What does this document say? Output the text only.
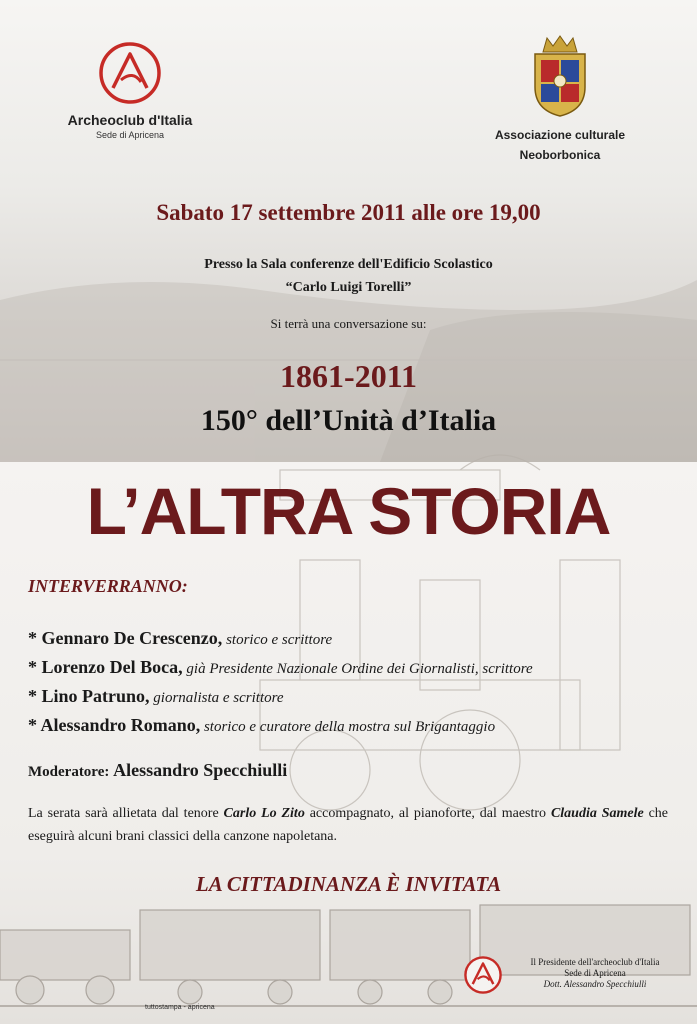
Archeoclub d'Italia
Sede di Apricena	Associazione culturale
Neoborbonica
Sabato 17 settembre 2011 alle ore 19,00
Presso la Sala conferenze dell'Edificio Scolastico
“Carlo Luigi Torelli”
Si terrà una conversazione su:
1861-2011
150° dell’Unità d’Italia
L’ALTRA STORIA
INTERVERRANNO:
* Gennaro De Crescenzo, storico e scrittore
* Lorenzo Del Boca, già Presidente Nazionale Ordine dei Giornalisti, scrittore
* Lino Patruno, giornalista e scrittore
* Alessandro Romano, storico e curatore della mostra sul Brigantaggio
Moderatore: Alessandro Specchiulli
La serata sarà allietata dal tenore Carlo Lo Zito accompagnato, al pianoforte, dal maestro Claudia Samele che eseguirà alcuni brani classici della canzone napoletana.
LA CITTADINANZA È INVITATA
Il Presidente dell'archeoclub d'Italia
Sede di Apricena
Dott. Alessandro Specchiulli
tuttostampa - apricena
